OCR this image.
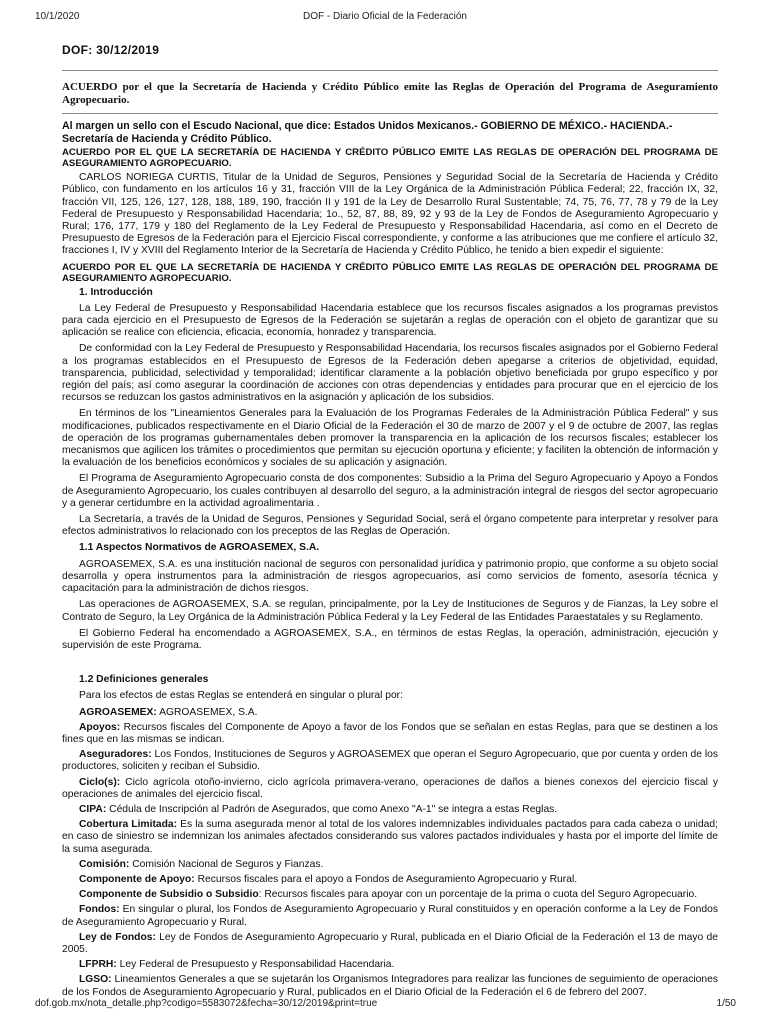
10/1/2020	DOF - Diario Oficial de la Federación
DOF: 30/12/2019
ACUERDO por el que la Secretaría de Hacienda y Crédito Público emite las Reglas de Operación del Programa de Aseguramiento Agropecuario.
Al margen un sello con el Escudo Nacional, que dice: Estados Unidos Mexicanos.- GOBIERNO DE MÉXICO.- HACIENDA.- Secretaría de Hacienda y Crédito Público.
ACUERDO POR EL QUE LA SECRETARÍA DE HACIENDA Y CRÉDITO PÚBLICO EMITE LAS REGLAS DE OPERACIÓN DEL PROGRAMA DE ASEGURAMIENTO AGROPECUARIO.

CARLOS NORIEGA CURTIS, Titular de la Unidad de Seguros, Pensiones y Seguridad Social de la Secretaría de Hacienda y Crédito Público, con fundamento en los artículos 16 y 31, fracción VIII de la Ley Orgánica de la Administración Pública Federal; 22, fracción IX, 32, fracción VII, 125, 126, 127, 128, 188, 189, 190, fracción II y 191 de la Ley de Desarrollo Rural Sustentable; 74, 75, 76, 77, 78 y 79 de la Ley Federal de Presupuesto y Responsabilidad Hacendaria; 1o., 52, 87, 88, 89, 92 y 93 de la Ley de Fondos de Aseguramiento Agropecuario y Rural; 176, 177, 179 y 180 del Reglamento de la Ley Federal de Presupuesto y Responsabilidad Hacendaria, así como en el Decreto de Presupuesto de Egresos de la Federación para el Ejercicio Fiscal correspondiente, y conforme a las atribuciones que me confiere el artículo 32, fracciones I, IV y XVIII del Reglamento Interior de la Secretaría de Hacienda y Crédito Público, he tenido a bien expedir el siguiente:

ACUERDO POR EL QUE LA SECRETARÍA DE HACIENDA Y CRÉDITO PÚBLICO EMITE LAS REGLAS DE OPERACIÓN DEL PROGRAMA DE ASEGURAMIENTO AGROPECUARIO.
1. Introducción

La Ley Federal de Presupuesto y Responsabilidad Hacendaria establece que los recursos fiscales asignados a los programas previstos para cada ejercicio en el Presupuesto de Egresos de la Federación se sujetarán a reglas de operación con el objeto de garantizar que su aplicación se realice con eficiencia, eficacia, economía, honradez y transparencia.

De conformidad con la Ley Federal de Presupuesto y Responsabilidad Hacendaria, los recursos fiscales asignados por el Gobierno Federal a los programas establecidos en el Presupuesto de Egresos de la Federación deben apegarse a criterios de objetividad, equidad, transparencia, publicidad, selectividad y temporalidad; identificar claramente a la población objetivo beneficiada por grupo específico y por región del país; así como asegurar la coordinación de acciones con otras dependencias y entidades para procurar que en el ejercicio de los recursos se reduzcan los gastos administrativos en la asignación y aplicación de los subsidios.

En términos de los "Lineamientos Generales para la Evaluación de los Programas Federales de la Administración Pública Federal" y sus modificaciones, publicados respectivamente en el Diario Oficial de la Federación el 30 de marzo de 2007 y el 9 de octubre de 2007, las reglas de operación de los programas gubernamentales deben promover la transparencia en la aplicación de los recursos fiscales; establecer los mecanismos que agilicen los trámites o procedimientos que permitan su ejecución oportuna y eficiente; y faciliten la obtención de información y la evaluación de los beneficios económicos y sociales de su aplicación y asignación.

El Programa de Aseguramiento Agropecuario consta de dos componentes: Subsidio a la Prima del Seguro Agropecuario y Apoyo a Fondos de Aseguramiento Agropecuario, los cuales contribuyen al desarrollo del seguro, a la administración integral de riesgos del sector agropecuario y a generar certidumbre en la actividad agroalimentaria .

La Secretaría, a través de la Unidad de Seguros, Pensiones y Seguridad Social, será el órgano competente para interpretar y resolver para efectos administrativos lo relacionado con los preceptos de las Reglas de Operación.

1.1 Aspectos Normativos de AGROASEMEX, S.A.

AGROASEMEX, S.A. es una institución nacional de seguros con personalidad jurídica y patrimonio propio, que conforme a su objeto social desarrolla y opera instrumentos para la administración de riesgos agropecuarios, así como servicios de fomento, asesoría técnica y capacitación para la administración de dichos riesgos.

Las operaciones de AGROASEMEX, S.A. se regulan, principalmente, por la Ley de Instituciones de Seguros y de Fianzas, la Ley sobre el Contrato de Seguro, la Ley Orgánica de la Administración Pública Federal y la Ley Federal de las Entidades Paraestatales y su Reglamento.

El Gobierno Federal ha encomendado a AGROASEMEX, S.A., en términos de estas Reglas, la operación, administración, ejecución y supervisión de este Programa.

1.2 Definiciones generales

Para los efectos de estas Reglas se entenderá en singular o plural por:

AGROASEMEX: AGROASEMEX, S.A.
Apoyos: Recursos fiscales del Componente de Apoyo a favor de los Fondos que se señalan en estas Reglas, para que se destinen a los fines que en las mismas se indican.
Aseguradores: Los Fondos, Instituciones de Seguros y AGROASEMEX que operan el Seguro Agropecuario, que por cuenta y orden de los productores, soliciten y reciban el Subsidio.
Ciclo(s): Ciclo agrícola otoño-invierno, ciclo agrícola primavera-verano, operaciones de daños a bienes conexos del ejercicio fiscal y operaciones de animales del ejercicio fiscal.
CIPA: Cédula de Inscripción al Padrón de Asegurados, que como Anexo "A-1" se integra a estas Reglas.
Cobertura Limitada: Es la suma asegurada menor al total de los valores indemnizables individuales pactados para cada cabeza o unidad; en caso de siniestro se indemnizan los animales afectados considerando sus valores pactados individuales y hasta por el importe del límite de la suma asegurada.
Comisión: Comisión Nacional de Seguros y Fianzas.
Componente de Apoyo: Recursos fiscales para el apoyo a Fondos de Aseguramiento Agropecuario y Rural.
Componente de Subsidio o Subsidio: Recursos fiscales para apoyar con un porcentaje de la prima o cuota del Seguro Agropecuario.
Fondos: En singular o plural, los Fondos de Aseguramiento Agropecuario y Rural constituidos y en operación conforme a la Ley de Fondos de Aseguramiento Agropecuario y Rural.
Ley de Fondos: Ley de Fondos de Aseguramiento Agropecuario y Rural, publicada en el Diario Oficial de la Federación el 13 de mayo de 2005.
LFPRH: Ley Federal de Presupuesto y Responsabilidad Hacendaria.
LGSO: Lineamientos Generales a que se sujetarán los Organismos Integradores para realizar las funciones de seguimiento de operaciones de los Fondos de Aseguramiento Agropecuario y Rural, publicados en el Diario Oficial de la Federación el 6 de febrero del 2007.
dof.gob.mx/nota_detalle.php?codigo=5583072&fecha=30/12/2019&print=true	1/50
